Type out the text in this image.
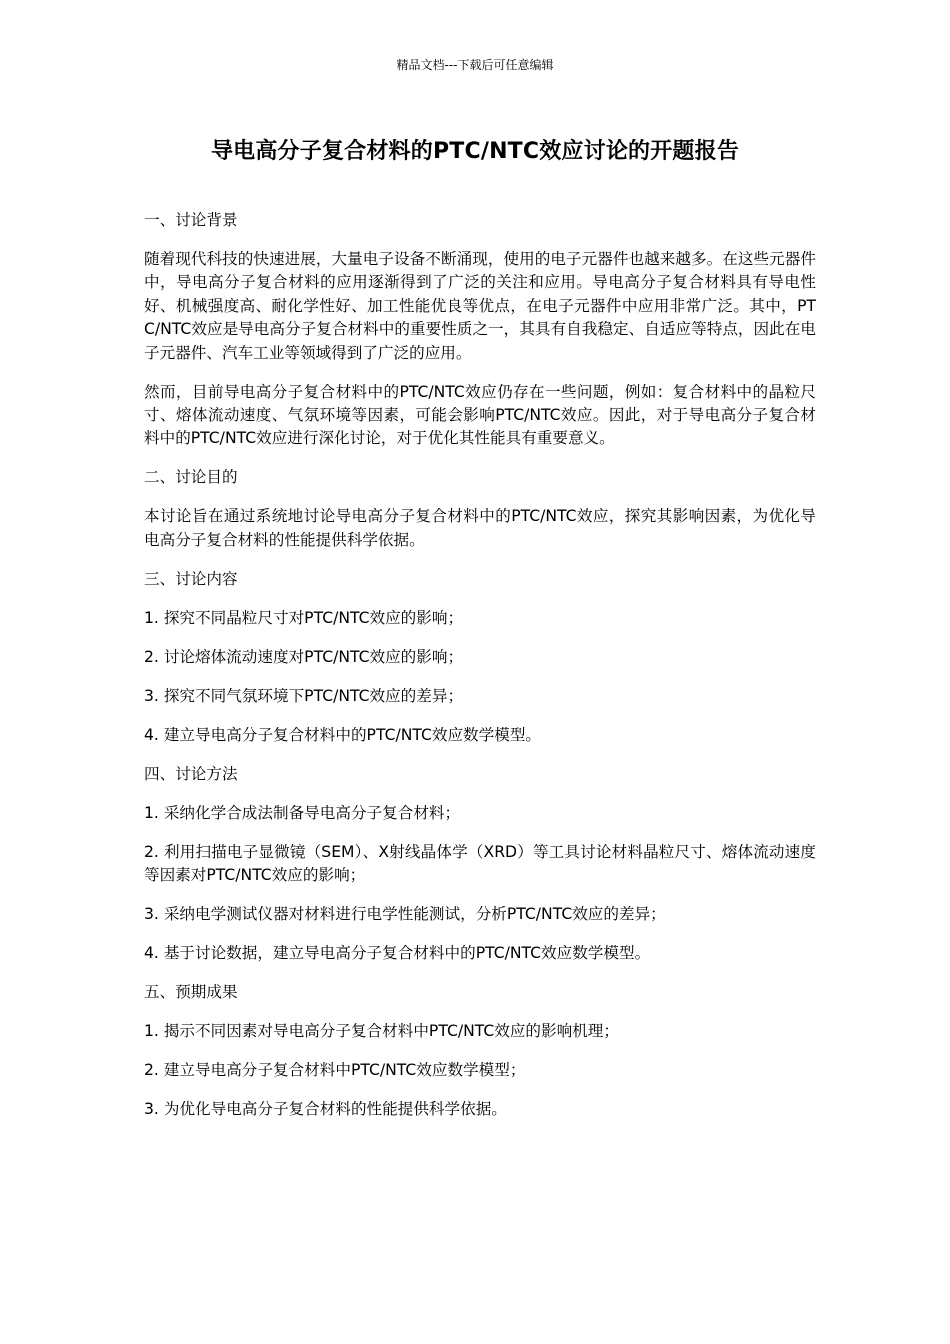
精品文档---下载后可任意编辑
导电高分子复合材料的PTC/NTC效应讨论的开题报告

一、讨论背景

随着现代科技的快速进展，大量电子设备不断涌现，使用的电子元器件也越来越多。在这些元器件中，导电高分子复合材料的应用逐渐得到了广泛的关注和应用。导电高分子复合材料具有导电性好、机械强度高、耐化学性好、加工性能优良等优点，在电子元器件中应用非常广泛。其中，PTC/NTC效应是导电高分子复合材料中的重要性质之一，其具有自我稳定、自适应等特点，因此在电子元器件、汽车工业等领域得到了广泛的应用。

然而，目前导电高分子复合材料中的PTC/NTC效应仍存在一些问题，例如：复合材料中的晶粒尺寸、熔体流动速度、气氛环境等因素，可能会影响PTC/NTC效应。因此，对于导电高分子复合材料中的PTC/NTC效应进行深化讨论，对于优化其性能具有重要意义。

二、讨论目的

本讨论旨在通过系统地讨论导电高分子复合材料中的PTC/NTC效应，探究其影响因素，为优化导电高分子复合材料的性能提供科学依据。

三、讨论内容

1. 探究不同晶粒尺寸对PTC/NTC效应的影响；

2. 讨论熔体流动速度对PTC/NTC效应的影响；

3. 探究不同气氛环境下PTC/NTC效应的差异；

4. 建立导电高分子复合材料中的PTC/NTC效应数学模型。

四、讨论方法

1. 采纳化学合成法制备导电高分子复合材料；

2. 利用扫描电子显微镜（SEM）、X射线晶体学（XRD）等工具讨论材料晶粒尺寸、熔体流动速度等因素对PTC/NTC效应的影响；

3. 采纳电学测试仪器对材料进行电学性能测试，分析PTC/NTC效应的差异；

4. 基于讨论数据，建立导电高分子复合材料中的PTC/NTC效应数学模型。

五、预期成果

1. 揭示不同因素对导电高分子复合材料中PTC/NTC效应的影响机理；

2. 建立导电高分子复合材料中PTC/NTC效应数学模型；

3. 为优化导电高分子复合材料的性能提供科学依据。
